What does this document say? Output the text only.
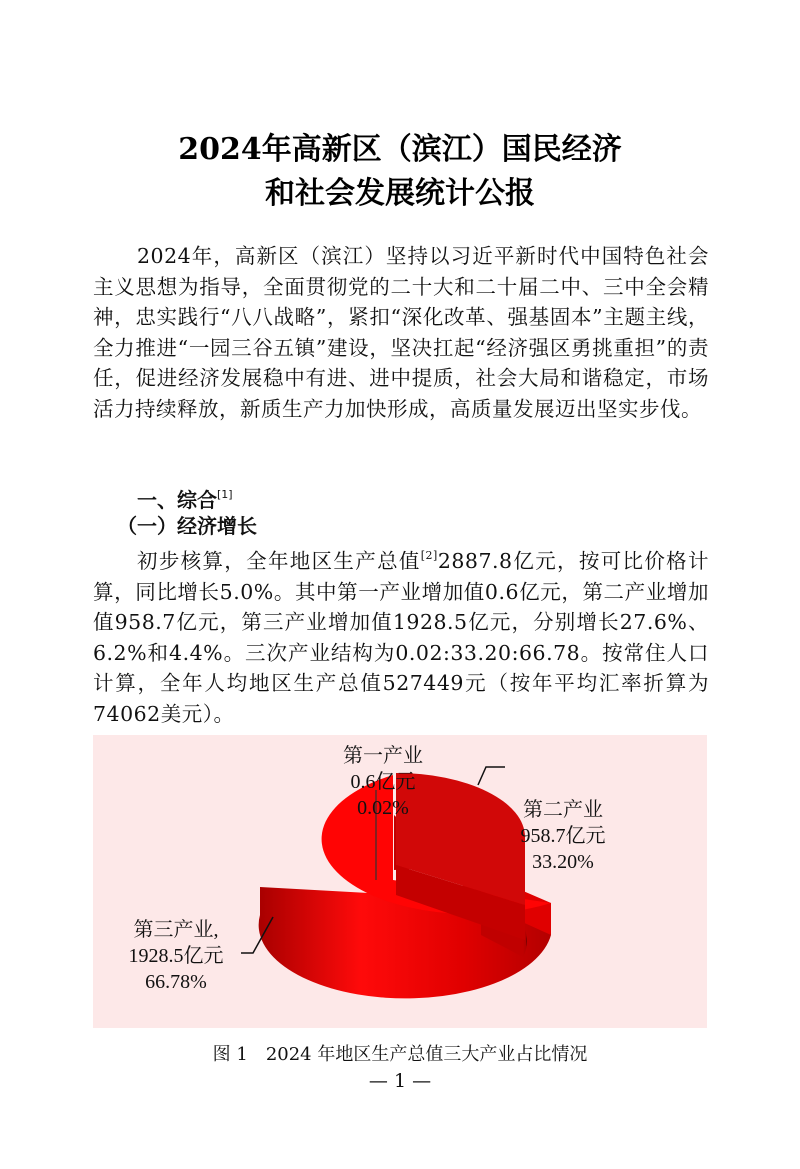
2024年高新区（滨江）国民经济
和社会发展统计公报
2024年，高新区（滨江）坚持以习近平新时代中国特色社会主义思想为指导，全面贯彻党的二十大和二十届二中、三中全会精神，忠实践行“八八战略”，紧扣“深化改革、强基固本”主题主线，全力推进“一园三谷五镇”建设，坚决扛起“经济强区勇挑重担”的责任，促进经济发展稳中有进、进中提质，社会大局和谐稳定，市场活力持续释放，新质生产力加快形成，高质量发展迈出坚实步伐。
一、综合[1]
（一）经济增长
初步核算，全年地区生产总值[2]2887.8亿元，按可比价格计算，同比增长5.0%。其中第一产业增加值0.6亿元，第二产业增加值958.7亿元，第三产业增加值1928.5亿元，分别增长27.6%、6.2%和4.4%。三次产业结构为0.02:33.20:66.78。按常住人口计算，全年人均地区生产总值527449元（按年平均汇率折算为74062美元）。
第一产业
0.6亿元
0.02%	第二产业
958.7亿元
33.20%
第三产业,
1928.5亿元
66.78%
图 1　2024 年地区生产总值三大产业占比情况
— 1 —
